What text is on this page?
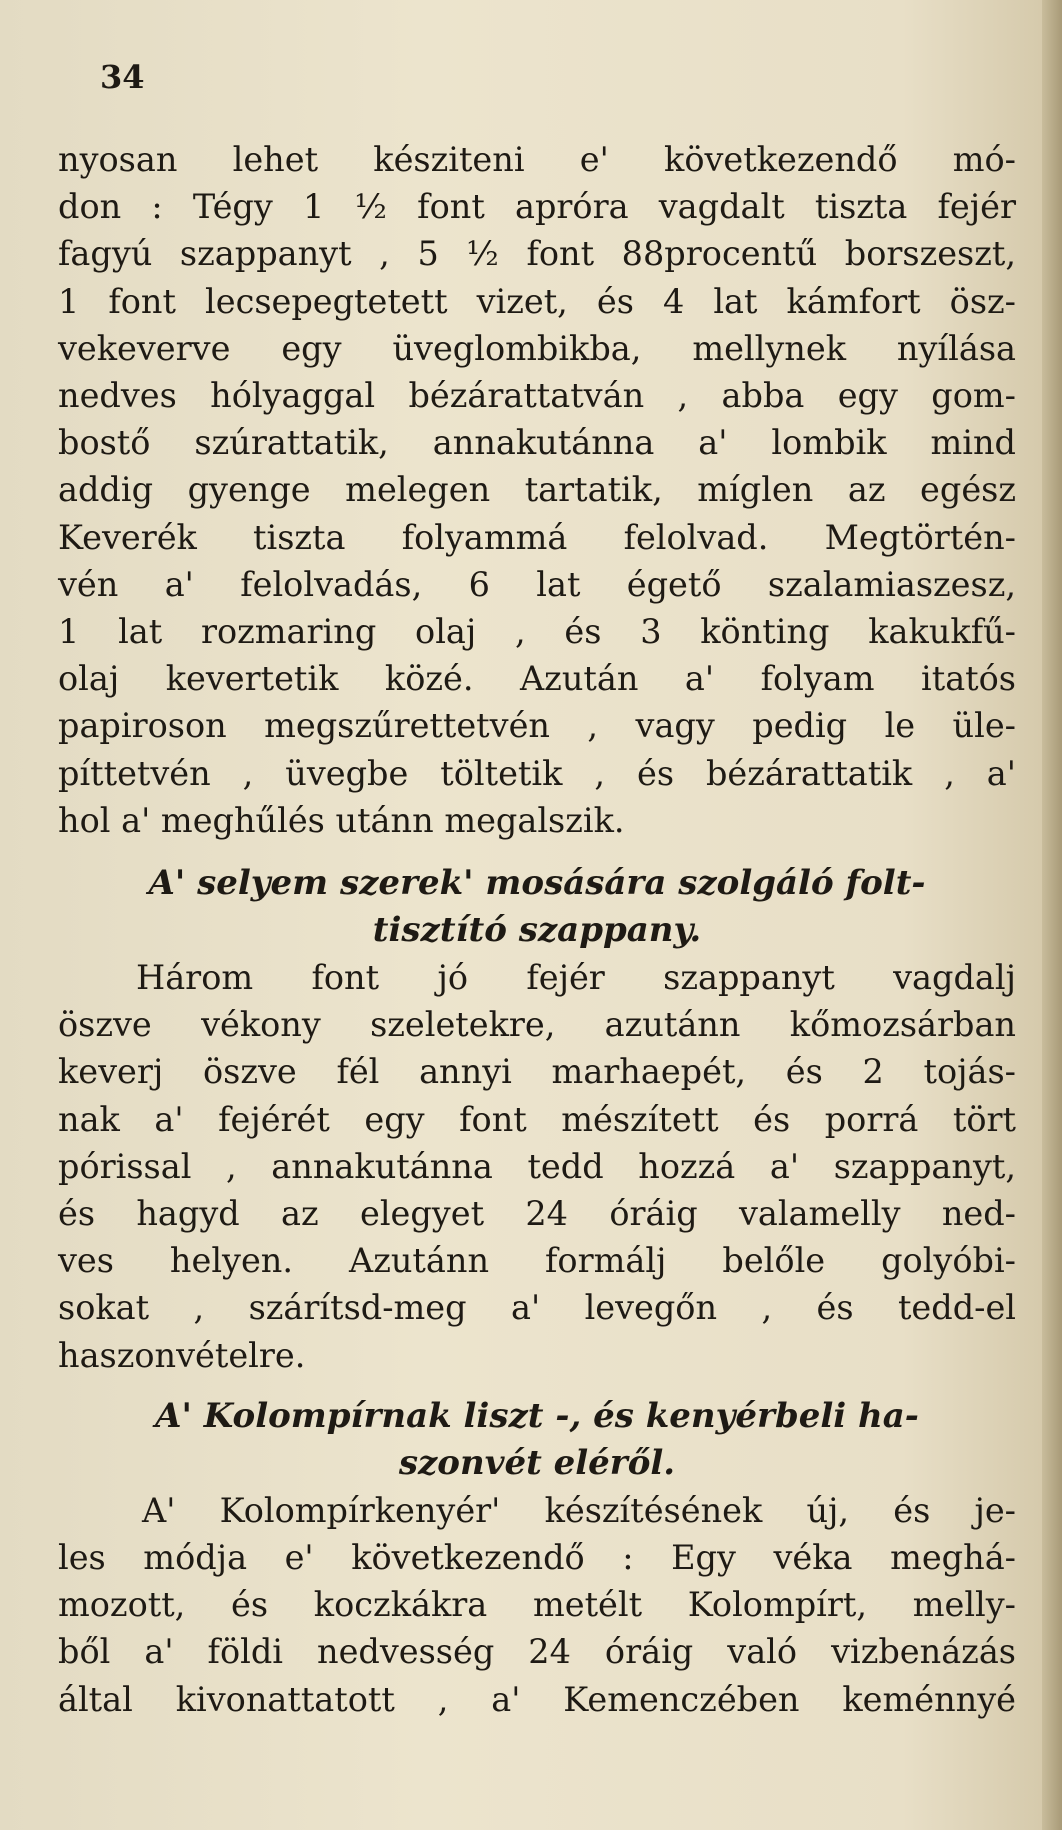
34
nyosan lehet késziteni e' következendő mó-
don : Tégy 1 ½ font apróra vagdalt tiszta fejér
fagyú szappanyt , 5 ½ font 88procentű borszeszt,
1 font lecsepegtetett vizet, és 4 lat kámfort ösz-
vekeverve egy üveglombikba, mellynek nyílása
nedves hólyaggal bézárattatván , abba egy gom-
bostő szúrattatik, annakutánna a' lombik mind
addig gyenge melegen tartatik, míglen az egész
Keverék tiszta folyammá felolvad. Megtörtén-
vén a' felolvadás, 6 lat égető szalamiaszesz,
1 lat rozmaring olaj , és 3 könting kakukfű-
olaj kevertetik közé. Azután a' folyam itatós
papiroson megszűrettetvén , vagy pedig le üle-
píttetvén , üvegbe töltetik , és bézárattatik , a'
hol a' meghűlés utánn megalszik.
A' selyem szerek' mosására szolgáló folt-
tisztító szappany.
Három font jó fejér szappanyt vagdalj
öszve vékony szeletekre, azutánn kőmozsárban
keverj öszve fél annyi marhaepét, és 2 tojás-
nak a' fejérét egy font mészített és porrá tört
pórissal , annakutánna tedd hozzá a' szappanyt,
és hagyd az elegyet 24 óráig valamelly ned-
ves helyen. Azutánn formálj belőle golyóbi-
sokat , szárítsd-meg a' levegőn , és tedd-el
haszonvételre.
A' Kolompírnak liszt -, és kenyérbeli ha-
szonvét eléről.
A' Kolompírkenyér' készítésének új, és je-
les módja e' következendő : Egy véka meghá-
mozott, és koczkákra metélt Kolompírt, melly-
ből a' földi nedvesség 24 óráig való vizbenázás
által kivonattatott , a' Kemenczében keménnyé
